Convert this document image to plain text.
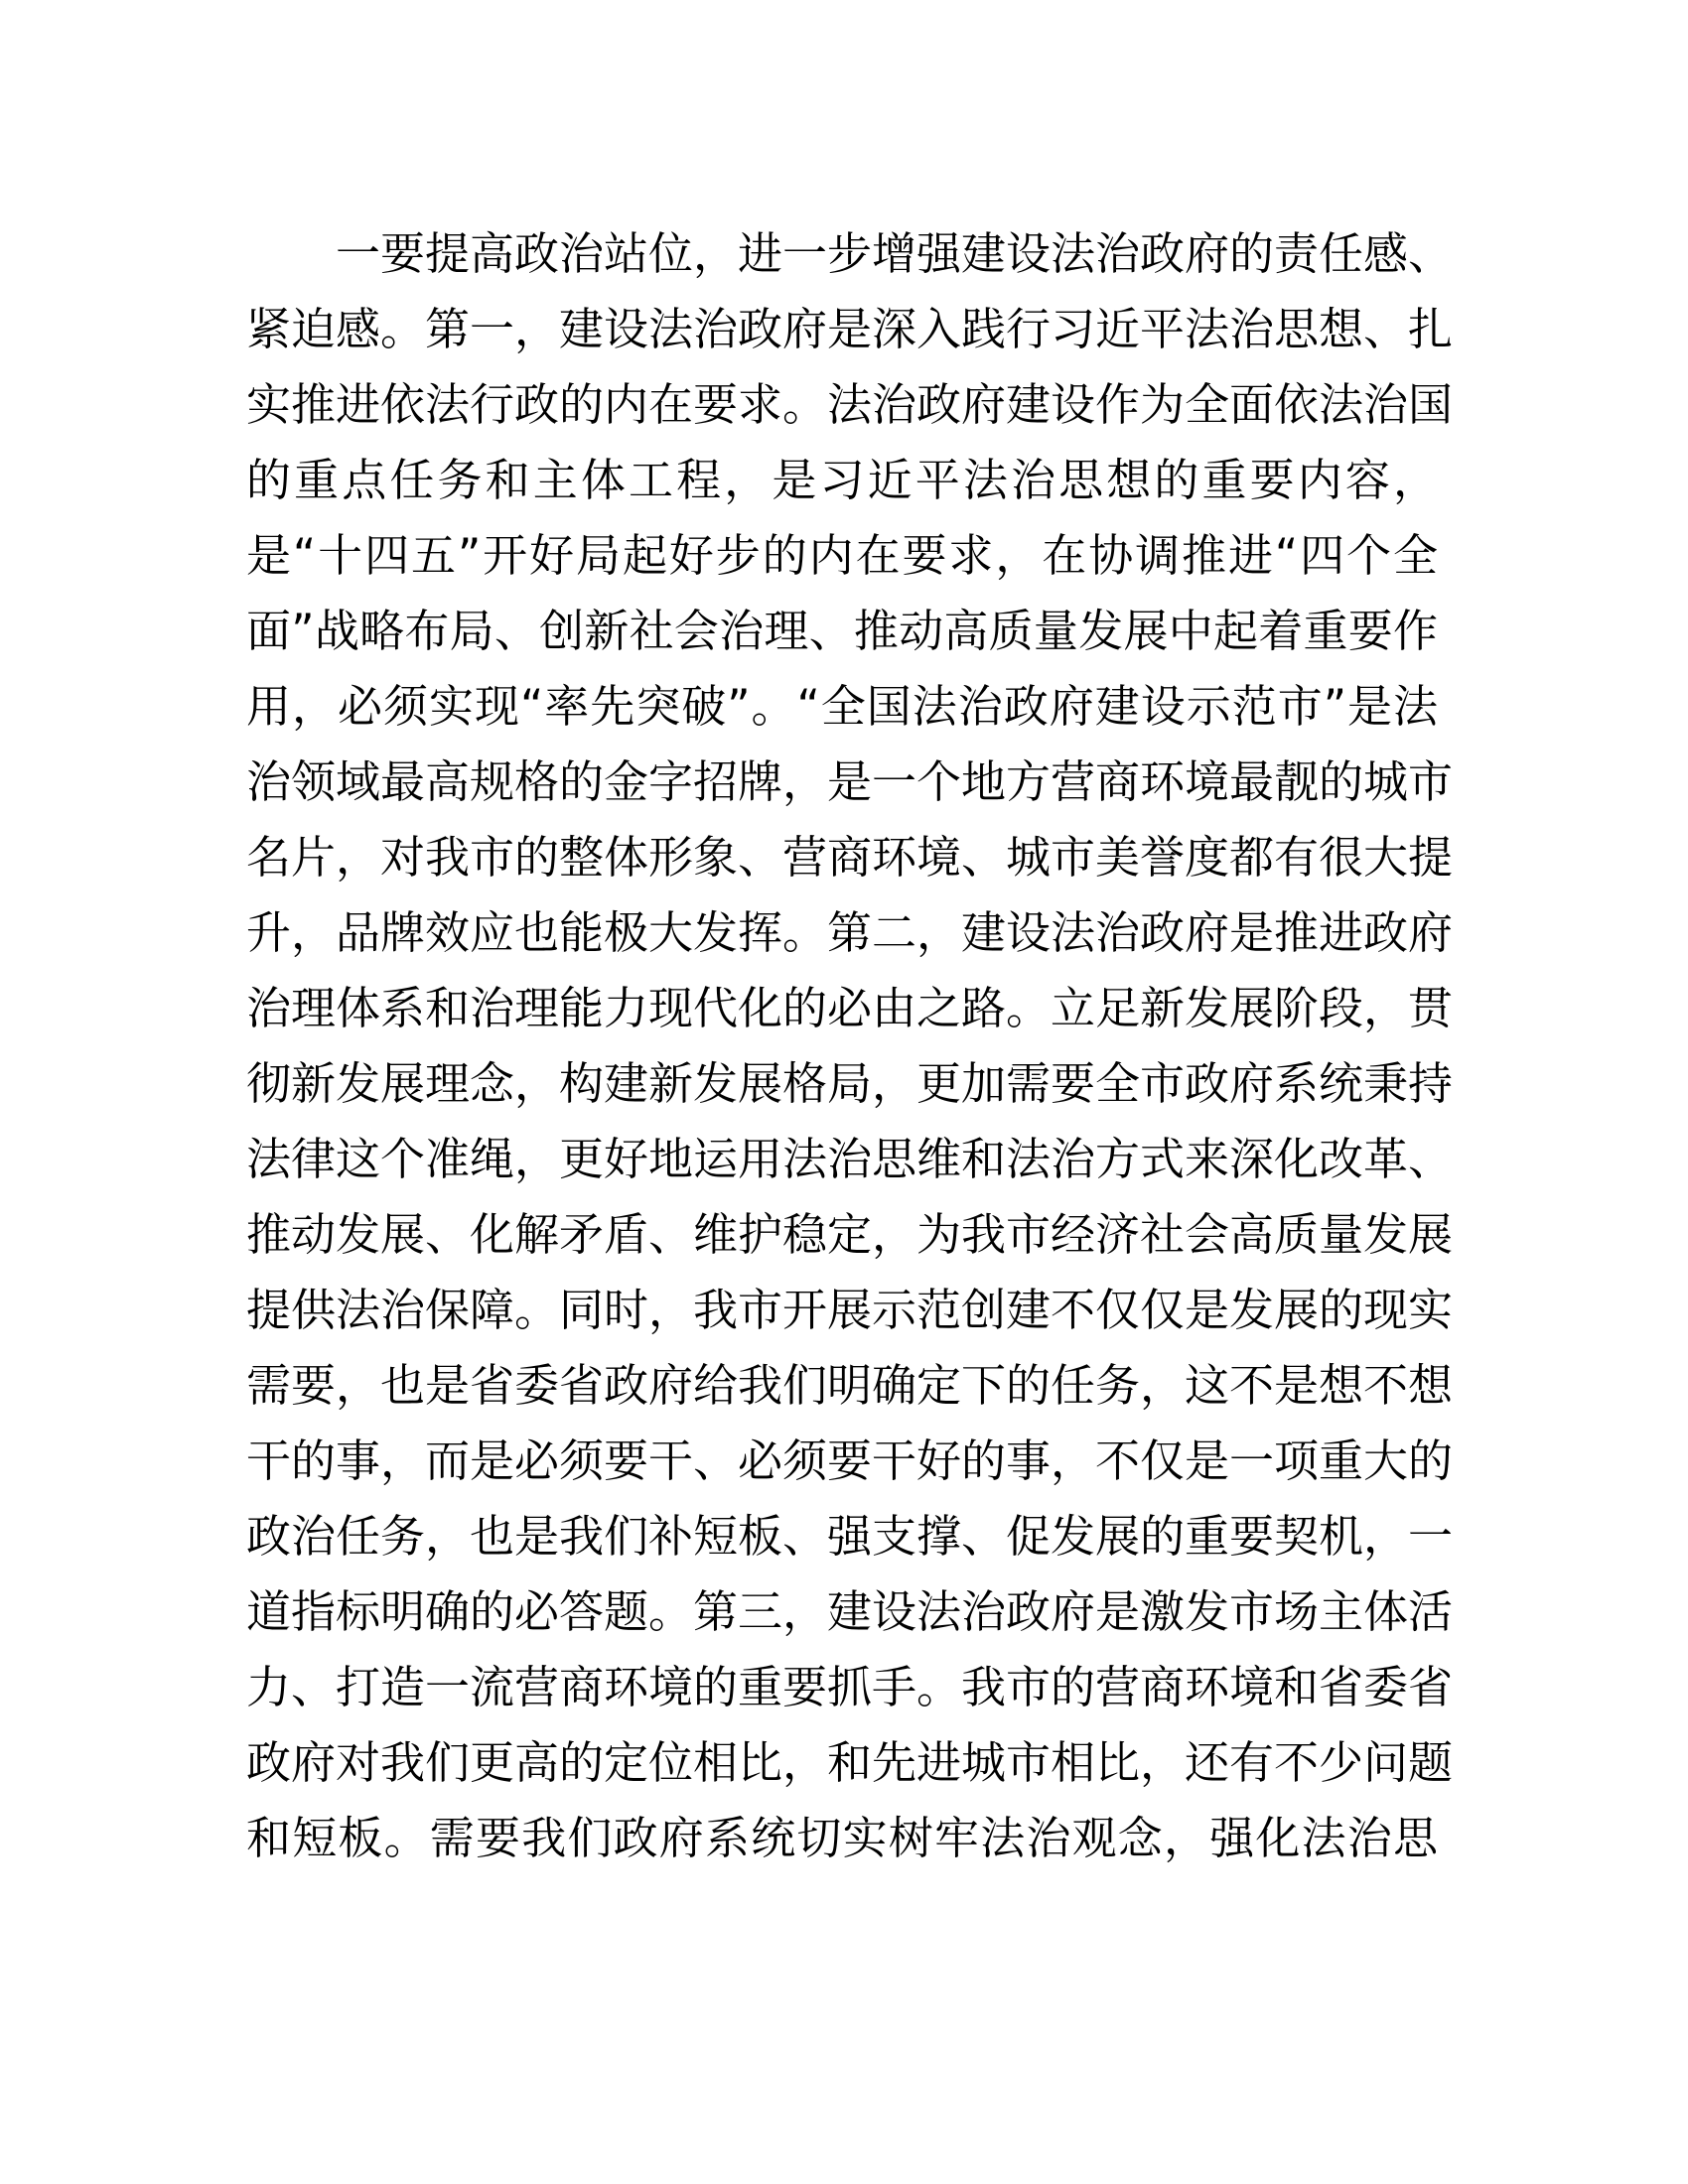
一要提高政治站位，进一步增强建设法治政府的责任感、
紧迫感。第一，建设法治政府是深入践行习近平法治思想、扎
实推进依法行政的内在要求。法治政府建设作为全面依法治国
的重点任务和主体工程，是习近平法治思想的重要内容，
是“十四五”开好局起好步的内在要求，在协调推进“四个全
面”战略布局、创新社会治理、推动高质量发展中起着重要作
用，必须实现“率先突破”。“全国法治政府建设示范市”是法
治领域最高规格的金字招牌，是一个地方营商环境最靓的城市
名片，对我市的整体形象、营商环境、城市美誉度都有很大提
升，品牌效应也能极大发挥。第二，建设法治政府是推进政府
治理体系和治理能力现代化的必由之路。立足新发展阶段，贯
彻新发展理念，构建新发展格局，更加需要全市政府系统秉持
法律这个准绳，更好地运用法治思维和法治方式来深化改革、
推动发展、化解矛盾、维护稳定，为我市经济社会高质量发展
提供法治保障。同时，我市开展示范创建不仅仅是发展的现实
需要，也是省委省政府给我们明确定下的任务，这不是想不想
干的事，而是必须要干、必须要干好的事，不仅是一项重大的
政治任务，也是我们补短板、强支撑、促发展的重要契机，一
道指标明确的必答题。第三，建设法治政府是激发市场主体活
力、打造一流营商环境的重要抓手。我市的营商环境和省委省
政府对我们更高的定位相比，和先进城市相比，还有不少问题
和短板。需要我们政府系统切实树牢法治观念，强化法治思
